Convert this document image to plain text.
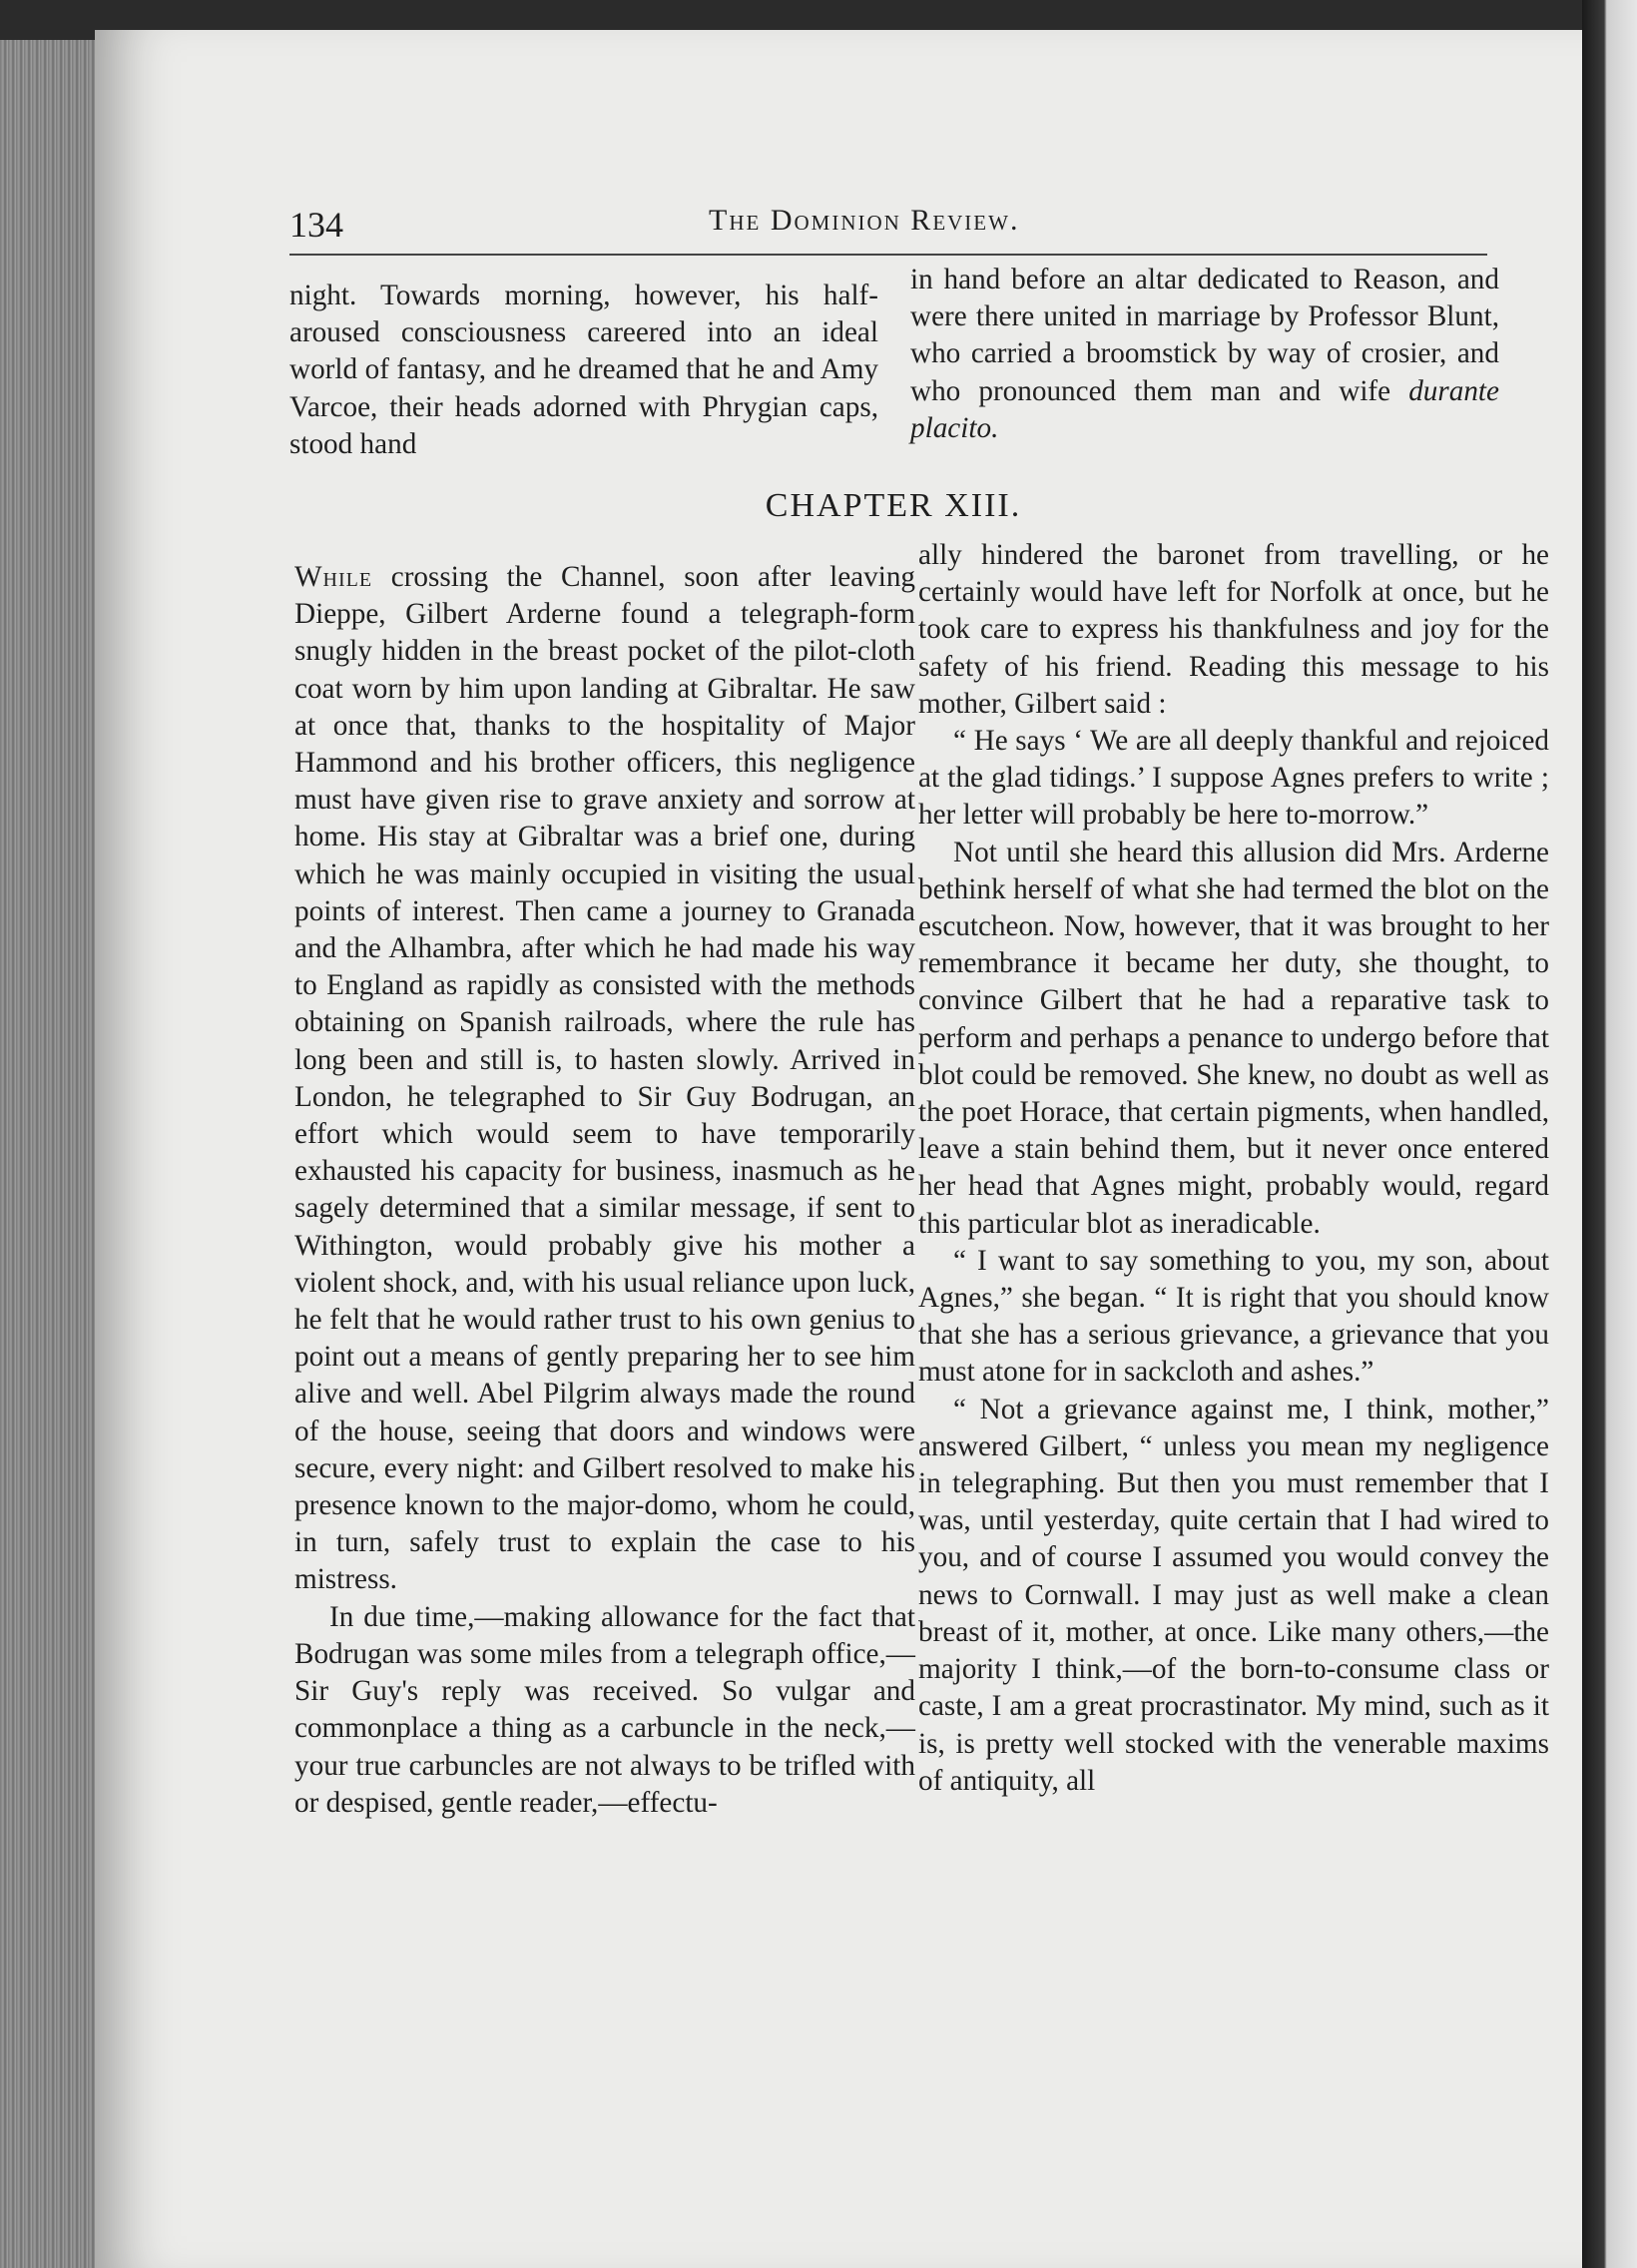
134	The Dominion Review.

night. Towards morning, however, his half-aroused consciousness careered into an ideal world of fantasy, and he dreamed that he and Amy Varcoe, their heads adorned with Phrygian caps, stood hand

in hand before an altar dedicated to Reason, and were there united in marriage by Professor Blunt, who carried a broomstick by way of crosier, and who pronounced them man and wife durante placito.

CHAPTER XIII.

While crossing the Channel, soon after leaving Dieppe, Gilbert Arderne found a telegraph-form snugly hidden in the breast pocket of the pilot-cloth coat worn by him upon landing at Gibraltar. He saw at once that, thanks to the hospitality of Major Hammond and his brother officers, this negligence must have given rise to grave anxiety and sorrow at home. His stay at Gibraltar was a brief one, during which he was mainly occupied in visiting the usual points of interest. Then came a journey to Granada and the Alhambra, after which he had made his way to England as rapidly as consisted with the methods obtaining on Spanish railroads, where the rule has long been and still is, to hasten slowly. Arrived in London, he telegraphed to Sir Guy Bodrugan, an effort which would seem to have temporarily exhausted his capacity for business, inasmuch as he sagely determined that a similar message, if sent to Withington, would probably give his mother a violent shock, and, with his usual reliance upon luck, he felt that he would rather trust to his own genius to point out a means of gently preparing her to see him alive and well. Abel Pilgrim always made the round of the house, seeing that doors and windows were secure, every night: and Gilbert resolved to make his presence known to the major-domo, whom he could, in turn, safely trust to explain the case to his mistress.

In due time,—making allowance for the fact that Bodrugan was some miles from a telegraph office,—Sir Guy's reply was received. So vulgar and commonplace a thing as a carbuncle in the neck,—your true carbuncles are not always to be trifled with or despised, gentle reader,—effectu-

ally hindered the baronet from travelling, or he certainly would have left for Norfolk at once, but he took care to express his thankfulness and joy for the safety of his friend. Reading this message to his mother, Gilbert said :

“ He says ‘ We are all deeply thankful and rejoiced at the glad tidings.’ I suppose Agnes prefers to write ; her letter will probably be here to-morrow.”

Not until she heard this allusion did Mrs. Arderne bethink herself of what she had termed the blot on the escutcheon. Now, however, that it was brought to her remembrance it became her duty, she thought, to convince Gilbert that he had a reparative task to perform and perhaps a penance to undergo before that blot could be removed. She knew, no doubt as well as the poet Horace, that certain pigments, when handled, leave a stain behind them, but it never once entered her head that Agnes might, probably would, regard this particular blot as ineradicable.

“ I want to say something to you, my son, about Agnes,” she began. “ It is right that you should know that she has a serious grievance, a grievance that you must atone for in sackcloth and ashes.”

“ Not a grievance against me, I think, mother,” answered Gilbert, “ unless you mean my negligence in telegraphing. But then you must remember that I was, until yesterday, quite certain that I had wired to you, and of course I assumed you would convey the news to Cornwall. I may just as well make a clean breast of it, mother, at once. Like many others,—the majority I think,—of the born-to-consume class or caste, I am a great procrastinator. My mind, such as it is, is pretty well stocked with the venerable maxims of antiquity, all
